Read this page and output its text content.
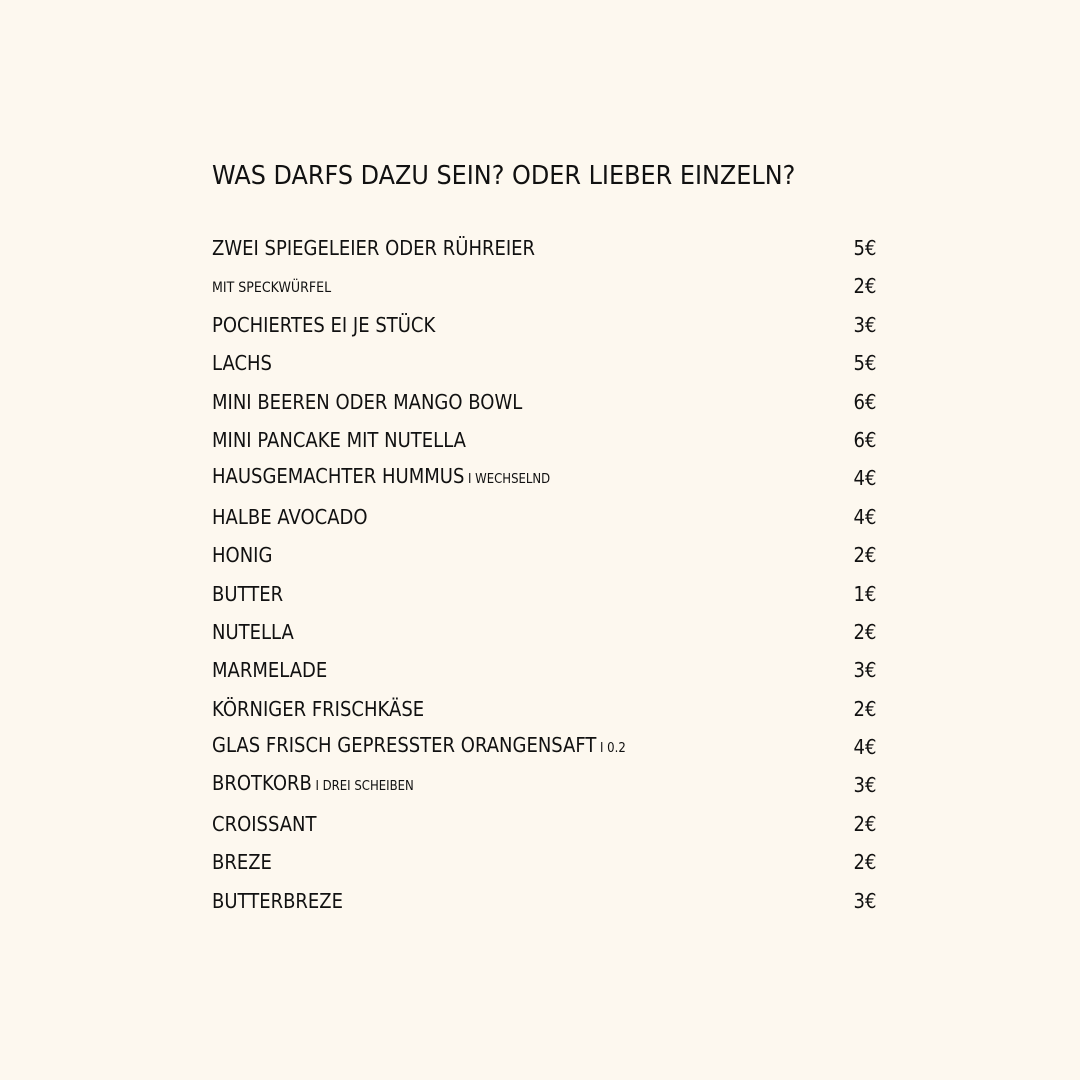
WAS DARFS DAZU SEIN? ODER LIEBER EINZELN?
ZWEI SPIEGELEIER ODER RÜHREIER	5€
MIT SPECKWÜRFEL	2€
POCHIERTES EI JE STÜCK	3€
LACHS	5€
MINI BEEREN ODER MANGO BOWL	6€
MINI PANCAKE MIT NUTELLA	6€
HAUSGEMACHTER HUMMUS I WECHSELND	4€
HALBE AVOCADO	4€
HONIG	2€
BUTTER	1€
NUTELLA	2€
MARMELADE	3€
KÖRNIGER FRISCHKÄSE	2€
GLAS FRISCH GEPRESSTER ORANGENSAFT I 0.2	4€
BROTKORB I DREI SCHEIBEN	3€
CROISSANT	2€
BREZE	2€
BUTTERBREZE	3€
